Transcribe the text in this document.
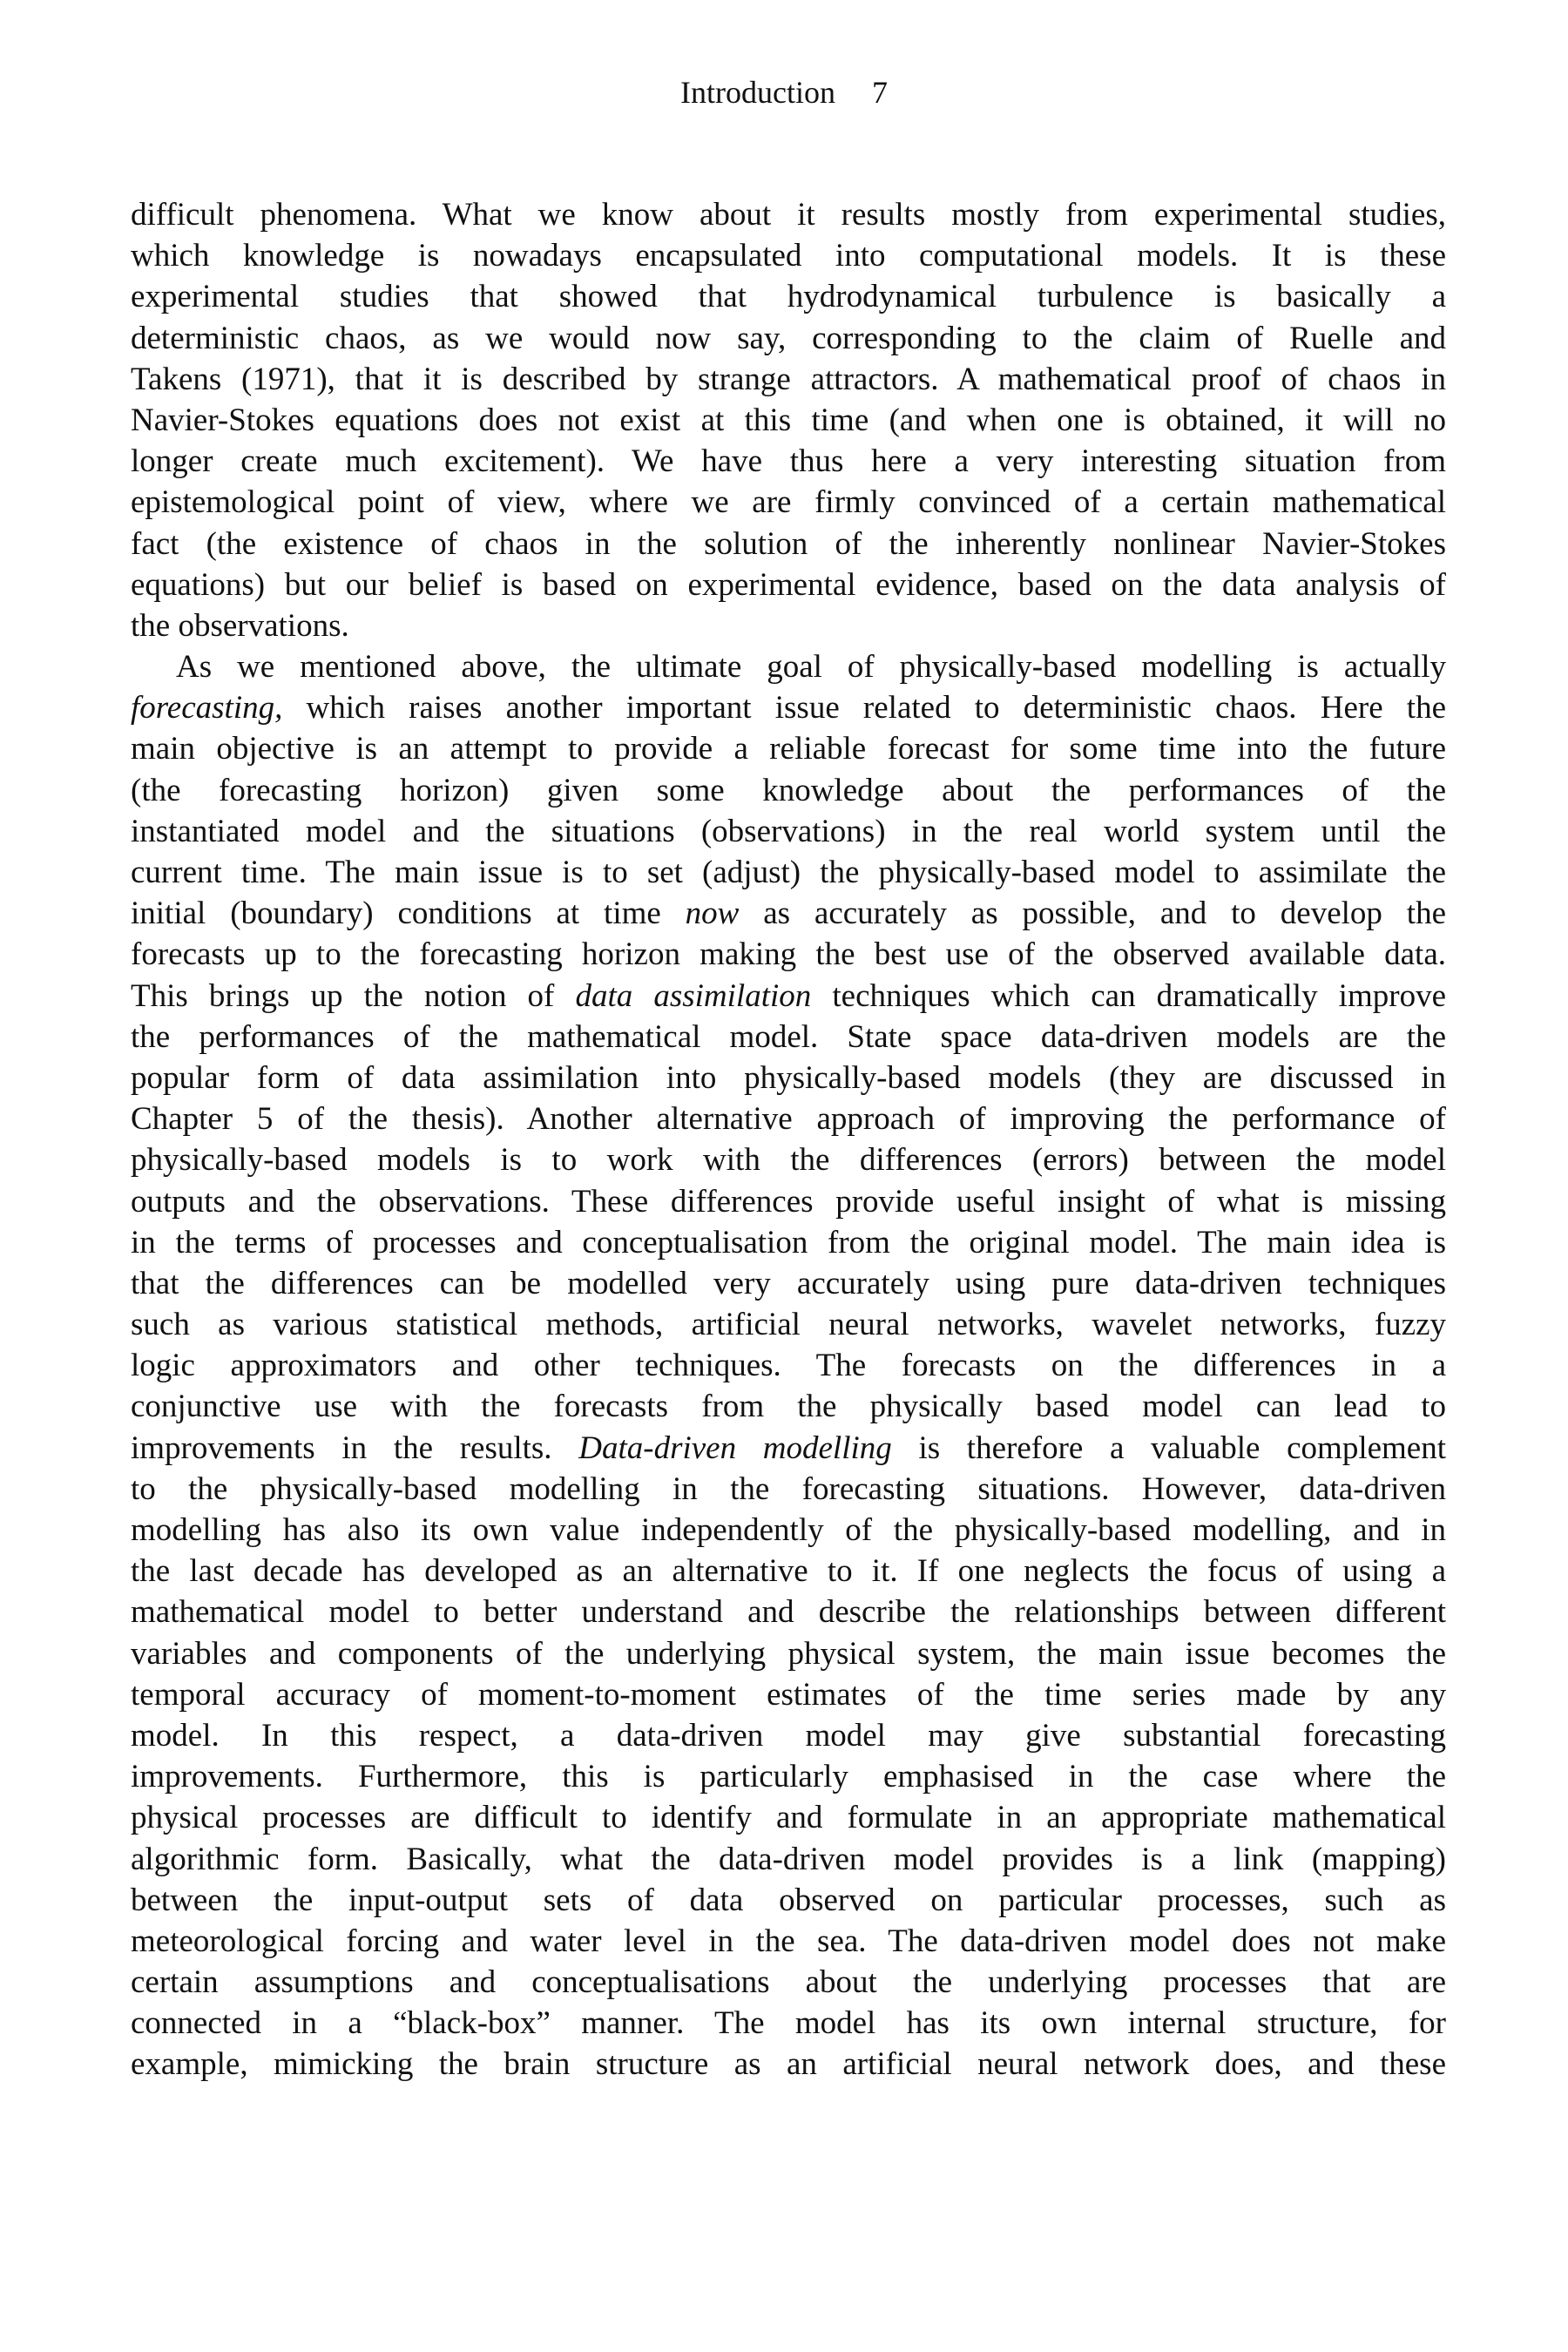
Introduction 7
difficult phenomena. What we know about it results mostly from experimental studies,
which knowledge is nowadays encapsulated into computational models. It is these
experimental studies that showed that hydrodynamical turbulence is basically a
deterministic chaos, as we would now say, corresponding to the claim of Ruelle and
Takens (1971), that it is described by strange attractors. A mathematical proof of chaos in
Navier-Stokes equations does not exist at this time (and when one is obtained, it will no
longer create much excitement). We have thus here a very interesting situation from
epistemological point of view, where we are firmly convinced of a certain mathematical
fact (the existence of chaos in the solution of the inherently nonlinear Navier-Stokes
equations) but our belief is based on experimental evidence, based on the data analysis of
the observations.
As we mentioned above, the ultimate goal of physically-based modelling is actually
forecasting, which raises another important issue related to deterministic chaos. Here the
main objective is an attempt to provide a reliable forecast for some time into the future
(the forecasting horizon) given some knowledge about the performances of the
instantiated model and the situations (observations) in the real world system until the
current time. The main issue is to set (adjust) the physically-based model to assimilate the
initial (boundary) conditions at time now as accurately as possible, and to develop the
forecasts up to the forecasting horizon making the best use of the observed available data.
This brings up the notion of data assimilation techniques which can dramatically improve
the performances of the mathematical model. State space data-driven models are the
popular form of data assimilation into physically-based models (they are discussed in
Chapter 5 of the thesis). Another alternative approach of improving the performance of
physically-based models is to work with the differences (errors) between the model
outputs and the observations. These differences provide useful insight of what is missing
in the terms of processes and conceptualisation from the original model. The main idea is
that the differences can be modelled very accurately using pure data-driven techniques
such as various statistical methods, artificial neural networks, wavelet networks, fuzzy
logic approximators and other techniques. The forecasts on the differences in a
conjunctive use with the forecasts from the physically based model can lead to
improvements in the results. Data-driven modelling is therefore a valuable complement
to the physically-based modelling in the forecasting situations. However, data-driven
modelling has also its own value independently of the physically-based modelling, and in
the last decade has developed as an alternative to it. If one neglects the focus of using a
mathematical model to better understand and describe the relationships between different
variables and components of the underlying physical system, the main issue becomes the
temporal accuracy of moment-to-moment estimates of the time series made by any
model. In this respect, a data-driven model may give substantial forecasting
improvements. Furthermore, this is particularly emphasised in the case where the
physical processes are difficult to identify and formulate in an appropriate mathematical
algorithmic form. Basically, what the data-driven model provides is a link (mapping)
between the input-output sets of data observed on particular processes, such as
meteorological forcing and water level in the sea. The data-driven model does not make
certain assumptions and conceptualisations about the underlying processes that are
connected in a “black-box” manner. The model has its own internal structure, for
example, mimicking the brain structure as an artificial neural network does, and these
